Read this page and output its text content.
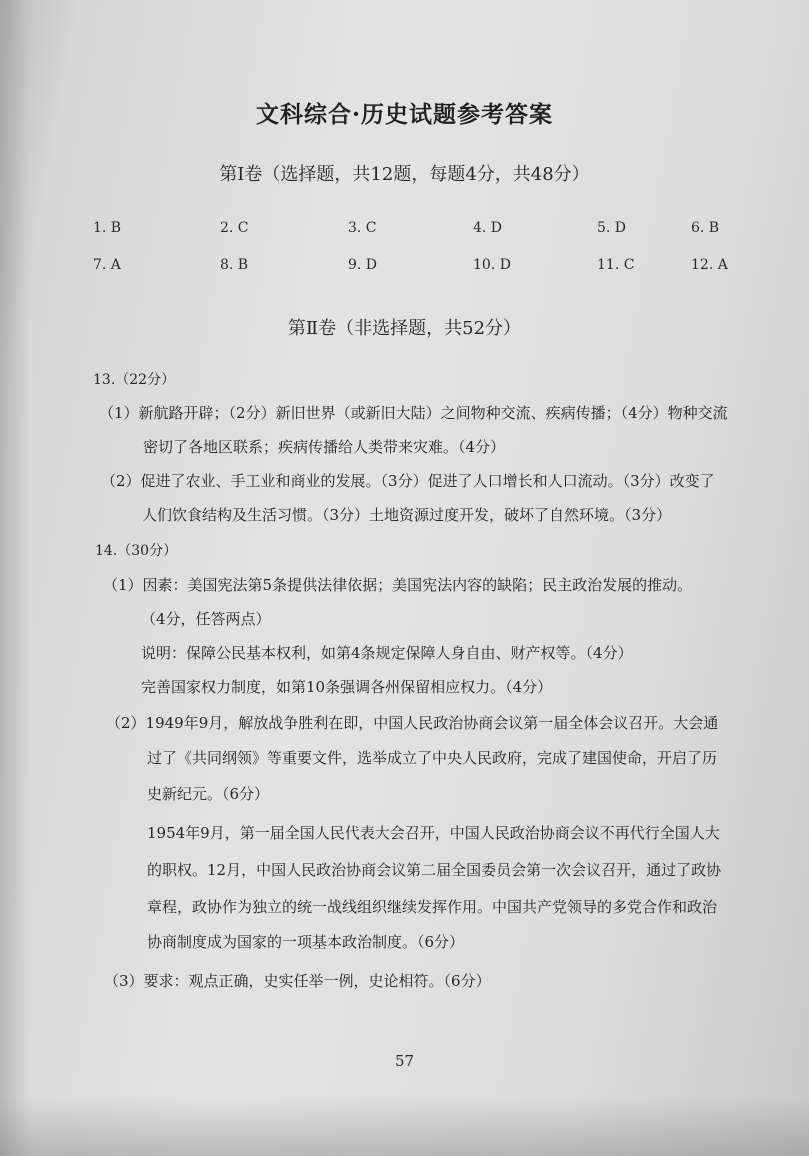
文科综合·历史试题参考答案
第Ⅰ卷（选择题，共12题，每题4分，共48分）
1. B	2. C	3. C	4. D	5. D	6. B
7. A	8. B	9. D	10. D	11. C	12. A
第Ⅱ卷（非选择题，共52分）
13.（22分）
（1）新航路开辟；（2分）新旧世界（或新旧大陆）之间物种交流、疾病传播；（4分）物种交流
密切了各地区联系；疾病传播给人类带来灾难。（4分）
（2）促进了农业、手工业和商业的发展。（3分）促进了人口增长和人口流动。（3分）改变了
人们饮食结构及生活习惯。（3分）土地资源过度开发，破坏了自然环境。（3分）
14.（30分）
（1）因素：美国宪法第5条提供法律依据；美国宪法内容的缺陷；民主政治发展的推动。
（4分，任答两点）
说明：保障公民基本权利，如第4条规定保障人身自由、财产权等。（4分）
完善国家权力制度，如第10条强调各州保留相应权力。（4分）
（2）1949年9月，解放战争胜利在即，中国人民政治协商会议第一届全体会议召开。大会通
过了《共同纲领》等重要文件，选举成立了中央人民政府，完成了建国使命，开启了历
史新纪元。（6分）
1954年9月，第一届全国人民代表大会召开，中国人民政治协商会议不再代行全国人大
的职权。12月，中国人民政治协商会议第二届全国委员会第一次会议召开，通过了政协
章程，政协作为独立的统一战线组织继续发挥作用。中国共产党领导的多党合作和政治
协商制度成为国家的一项基本政治制度。（6分）
（3）要求：观点正确，史实任举一例，史论相符。（6分）
57
